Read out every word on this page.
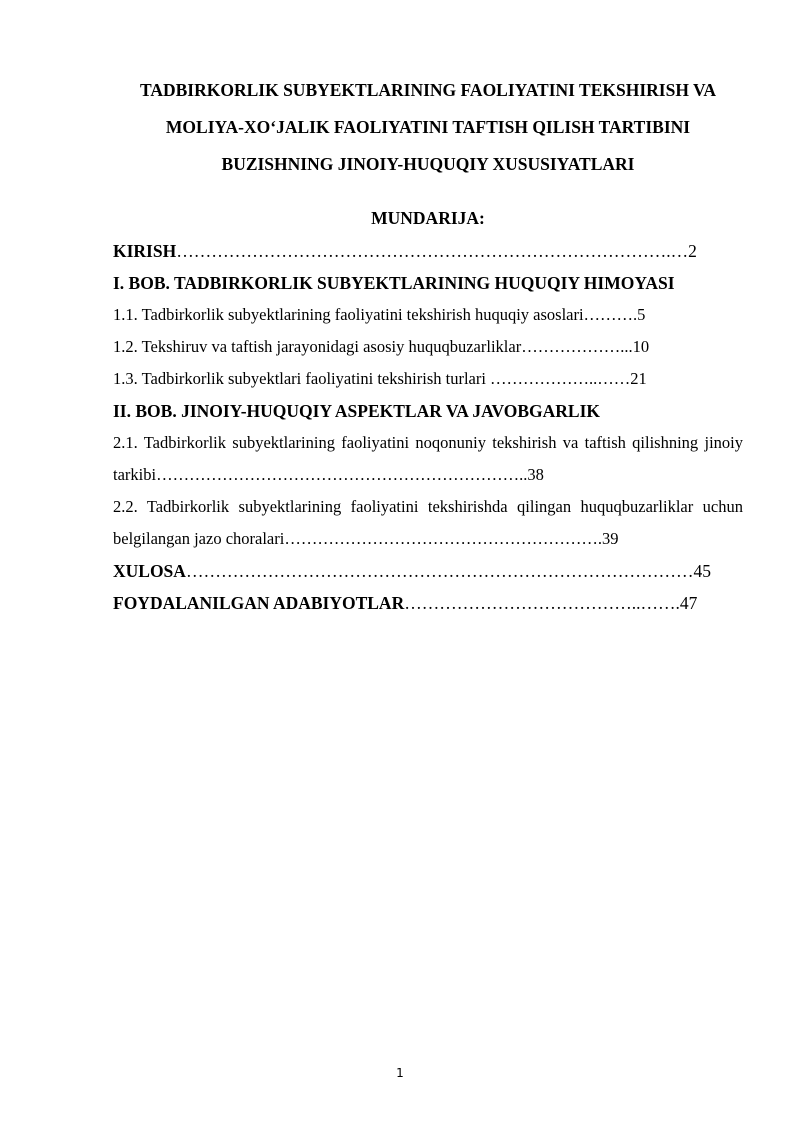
TADBIRKORLIK SUBYEKTLARINING FAOLIYATINI TEKSHIRISH VA
MOLIYA-XO‘JALIK FAOLIYATINI TAFTISH QILISH TARTIBINI
BUZISHNING JINOIY-HUQUQIY XUSUSIYATLARI
MUNDARIJA:
KIRISH………………………………………………………………………….…2
I. BOB. TADBIRKORLIK SUBYEKTLARINING HUQUQIY HIMOYASI
1.1. Tadbirkorlik subyektlarining faoliyatini tekshirish huquqiy asoslari……….5
1.2. Tekshiruv va taftish jarayonidagi asosiy huquqbuzarliklar………………...10
1.3. Tadbirkorlik subyektlari faoliyatini tekshirish turlari ………………..……21
II. BOB. JINOIY-HUQUQIY ASPEKTLAR VA JAVOBGARLIK
2.1. Tadbirkorlik subyektlarining faoliyatini noqonuniy tekshirish va taftish qilishning jinoiy tarkibi…………………………………………………………..38
2.2. Tadbirkorlik subyektlarining faoliyatini tekshirishda qilingan huquqbuzarliklar uchun belgilangan jazo choralari………………………………………………….39
XULOSA……………………………………………………………………………45
FOYDALANILGAN ADABIYOTLAR…………………………………..…….47
1
